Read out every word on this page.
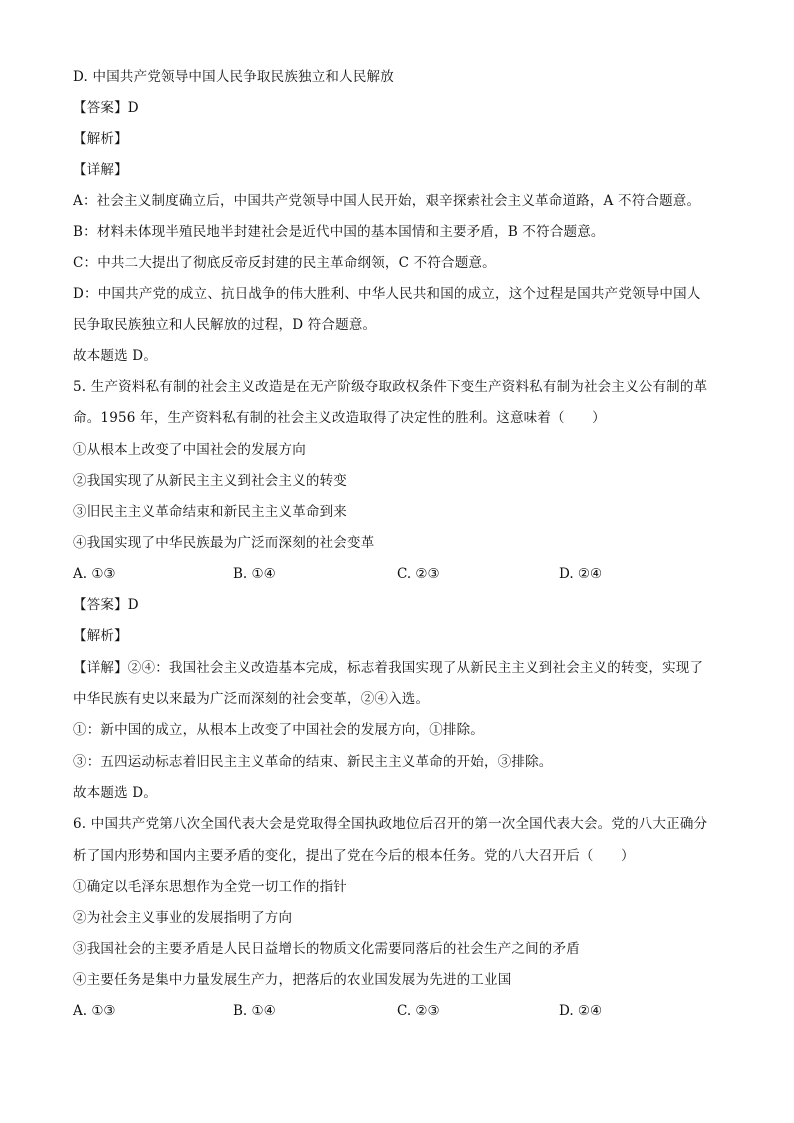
D. 中国共产党领导中国人民争取民族独立和人民解放
【答案】D
【解析】
【详解】
A：社会主义制度确立后，中国共产党领导中国人民开始，艰辛探索社会主义革命道路，A 不符合题意。
B：材料未体现半殖民地半封建社会是近代中国的基本国情和主要矛盾，B 不符合题意。
C：中共二大提出了彻底反帝反封建的民主革命纲领，C 不符合题意。
D：中国共产党的成立、抗日战争的伟大胜利、中华人民共和国的成立，这个过程是国共产党领导中国人
民争取民族独立和人民解放的过程，D 符合题意。
故本题选 D。
5. 生产资料私有制的社会主义改造是在无产阶级夺取政权条件下变生产资料私有制为社会主义公有制的革
命。1956 年，生产资料私有制的社会主义改造取得了决定性的胜利。这意味着（　　）
①从根本上改变了中国社会的发展方向
②我国实现了从新民主主义到社会主义的转变
③旧民主主义革命结束和新民主主义革命到来
④我国实现了中华民族最为广泛而深刻的社会变革
A. ①③	B. ①④	C. ②③	D. ②④
【答案】D
【解析】
【详解】②④：我国社会主义改造基本完成，标志着我国实现了从新民主主义到社会主义的转变，实现了
中华民族有史以来最为广泛而深刻的社会变革，②④入选。
①：新中国的成立，从根本上改变了中国社会的发展方向，①排除。
③：五四运动标志着旧民主主义革命的结束、新民主主义革命的开始，③排除。
故本题选 D。
6. 中国共产党第八次全国代表大会是党取得全国执政地位后召开的第一次全国代表大会。党的八大正确分
析了国内形势和国内主要矛盾的变化，提出了党在今后的根本任务。党的八大召开后（　　）
①确定以毛泽东思想作为全党一切工作的指针
②为社会主义事业的发展指明了方向
③我国社会的主要矛盾是人民日益增长的物质文化需要同落后的社会生产之间的矛盾
④主要任务是集中力量发展生产力，把落后的农业国发展为先进的工业国
A. ①③	B. ①④	C. ②③	D. ②④
